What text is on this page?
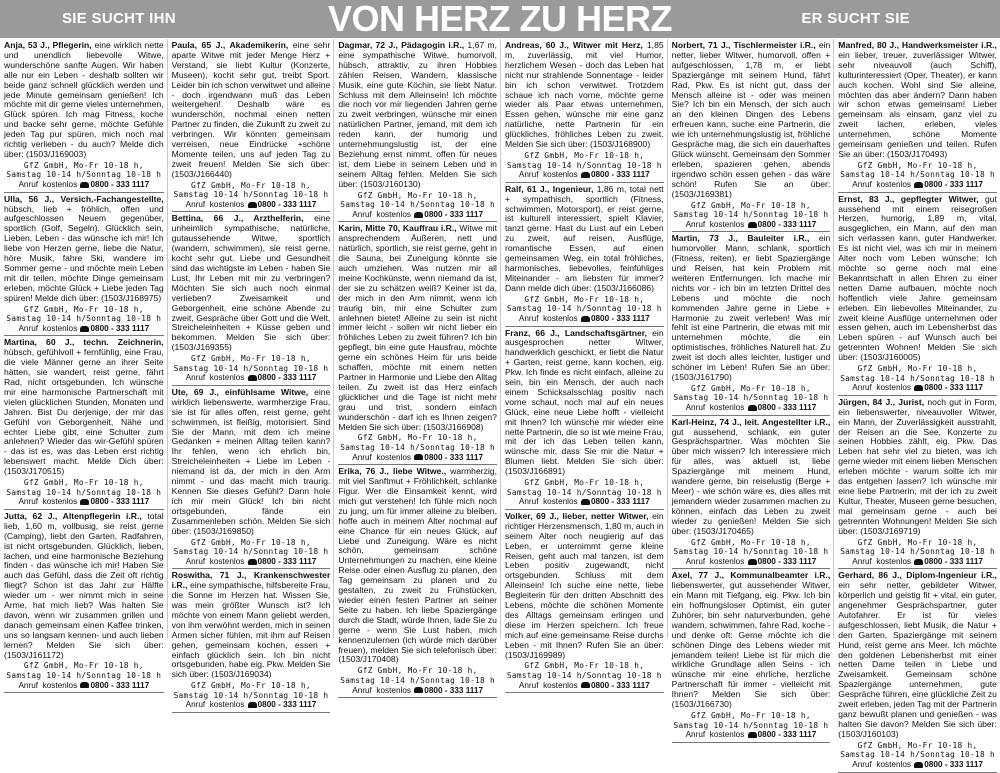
SIE SUCHT IHN	VON HERZ ZU HERZ	ER SUCHT SIE
Anja, 53 J., Pflegerin, eine wirklich nette und unendlich liebevolle Witwe, wunderschöne sanfte Augen. Wir haben alle nur ein Leben - deshalb sollten wir beide ganz schnell glücklich werden und jede Minute gemeinsam genießen! Ich möchte mit dir gerne vieles unternehmen, Glück spüren. Ich mag Fitness, koche und backe sehr gerne, möchte Gefühle jeden Tag pur spüren, mich noch mal richtig verlieben - du auch? Melde dich über: (1503/J169003)
GfZ GmbH, Mo-Fr 10-18 h,
Samstag 10-14 h/Sonntag 10-18 h
Anruf kostenlos 0800 - 333 1117
Ulla, 56 J., Versich.-Fachangestellte, hübsch, lieb + fröhlich, offen und aufgeschlossen Neuem gegenüber, sportlich (Golf, Segeln). Glücklich sein, Lieben, Leben - das wünsche ich mir! Ich liebe von Herzen gerne, liebe die Natur, höre Musik, fahre Ski, wandere im Sommer gerne - und möchte mein Leben mit dir teilen, möchte Dinge gemeinsam erleben, möchte Glück + Liebe jeden Tag spüren! Melde dich über: (1503/J168975)
GfZ GmbH, Mo-Fr 10-18 h,
Samstag 10-14 h/Sonntag 10-18 h
Anruf kostenlos 0800 - 333 1117
Martina, 60 J., techn. Zeichnerin, hübsch, gefühlvoll + fernfühlig, eine Frau, die viele Männer gerne an ihrer Seite hätten, sie wandert, reist gerne, fährt Rad, nicht ortsgebunden. Ich wünsche mir eine harmonische Partnerschaft mit vielen glücklichen Stunden, Monaten und Jahren. Bist Du derjenige, der mir das Gefühl von Geborgenheit, Nähe und echter Liebe gibt, eine Schulter zum anlehnen? Wieder das wir-Gefühl spüren - das ist es, was das Leben erst richtig lebenswert macht. Melde Dich über: (1503/J170515)
GfZ GmbH, Mo-Fr 10-18 h,
Samstag 10-14 h/Sonntag 10-18 h
Anruf kostenlos 0800 - 333 1117
Jutta, 62 J., Altenpflegerin i.R., total lieb, 1,60 m, vollbusig, sie reist gerne (Camping), liebt den Garten, Radfahren, ist nicht ortsgebunden. Glücklich, lieben, lachen, und eine harmonische Beziehung finden - das wünsche ich mir! Haben Sie auch das Gefühl, dass die Zeit oft richtig fliegt? Schon ist das Jahr zur Hälfte wieder um - wer nimmt mich in seine Arme, hat mich lieb? Was halten Sie davon, wenn wir zusammen grillen und danach gemeinsam einen Kaffee trinken, uns so langsam kennen- und auch lieben lernen? Melden Sie sich über: (1503/J161172)
GfZ GmbH, Mo-Fr 10-18 h,
Samstag 10-14 h/Sonntag 10-18 h
Anruf kostenlos 0800 - 333 1117
Paula, 65 J., Akademikerin, eine sehr aparte Witwe mit jeder Menge Herz + Verstand, sie liebt Kultur (Konzerte, Museen), kocht sehr gut, treibt Sport. Leider bin ich schon verwitwet und alleine - doch irgendwann muß das Leben weitergehen! Deshalb wäre es wunderschön, nochmal einen netten Partner zu finden, die Zukunft zu zweit zu verbringen. Wir könnten gemeinsam verreisen, neue Eindrücke +schöne Momente teilen, uns auf jeden Tag zu zweit freuen! Melden Sie sich über: (1503/J166440)
GfZ GmbH, Mo-Fr 10-18 h,
Samstag 10-14 h/Sonntag 10-18 h
Anruf kostenlos 0800 - 333 1117
Bettina, 66 J., Arzthelferin, eine unheimlich sympathische, natürliche, gutaussehende Witwe, sportlich (wandern, schwimmen), sie reist gerne, kocht sehr gut. Liebe und Gesundheit sind das wichtigste im Leben - haben Sie Lust, Ihr Leben mit mir zu verbringen? Möchten Sie sich auch noch einmal verlieben? Zweisamkeit und Geborgenheit, eine schöne Abende zu zweit, Gespräche über Gott und die Welt, Streicheleinheiten + Küsse geben und bekommen. Melden Sie sich über: (1503/J169355)
GfZ GmbH, Mo-Fr 10-18 h,
Samstag 10-14 h/Sonntag 10-18 h
Anruf kostenlos 0800 - 333 1117
Ute, 69 J., einfühlsame Witwe, eine wirklich liebenswerte, warmherzige Frau, sie ist für alles offen, reist gerne, geht schwimmen, ist fleißig, motorisiert. Sind Sie der Mann, mit dem ich meine Gedanken + meinen Alltag teilen kann? Ihr fehlen, wenn ich ehrlich bin, Streicheleinheiten + Liebe im Leben - niemand ist da, der mich in den Arm nimmt - und das macht mich traurig. Kennen Sie dieses Gefühl? Dann hole ich mir mein Glück! Ich bin nicht ortsgebunden, fände ein Zusammenleben schön. Melden Sie sich über: (1503/J169850)
GfZ GmbH, Mo-Fr 10-18 h,
Samstag 10-14 h/Sonntag 10-18 h
Anruf kostenlos 0800 - 333 1117
Roswitha, 71 J., Krankenschwester i.R., eine sympathische, hilfsbereite Frau, die Sonne im Herzen hat. Wissen Sie, was mein größter Wunsch ist? Ich möchte von einem Mann geliebt werden, von ihm verwöhnt werden, mich in seinen Armen sicher fühlen, mit ihm auf Reisen gehen, gemeinsam kochen, essen + einfach glücklich sein. Ich bin nicht ortsgebunden, habe eig. Pkw. Melden Sie sich über: (1503/J169034)
GfZ GmbH, Mo-Fr 10-18 h,
Samstag 10-14 h/Sonntag 10-18 h
Anruf kostenlos 0800 - 333 1117
Dagmar, 72 J., Pädagogin i.R., 1,67 m, eine sympathische Witwe, humorvoll, hübsch, attraktiv, zu ihren Hobbies zählen Reisen, Wandern, klassische Musik, eine gute Köchin, sie liebt Natur. Schluss mit dem Alleinsein! Ich möchte die noch vor mir liegenden Jahren gerne zu zweit verbringen, wünsche mir einen natürlichen Partner, jemand, mit dem ich reden kann, der humorig und unternehmungslustig ist, der eine Beziehung ernst nimmt, offen für neues ist, dem Liebe in seinem Leben und in seinem Alltag fehlen. Melden Sie sich über: (1503/J160130)
GfZ GmbH, Mo-Fr 10-18 h,
Samstag 10-14 h/Sonntag 10-18 h
Anruf kostenlos 0800 - 333 1117
Karin, Mitte 70, Kauffrau i.R., Witwe mit ansprechendem Äußeren, nett und natürlich, sportlich, sie reist gerne, geht in die Sauna, bei Zuneigung könnte sie auch umziehen. Was nutzen mir all meine Kochkünste, wenn niemand da ist, der sie zu schätzen weiß? Keiner ist da, der mich in den Arm nimmt, wenn ich traurig bin, mir eine Schulter zum anlehnen bietet! Alleine zu sein ist nicht immer leicht - sollen wir nicht lieber ein fröhliches Leben zu zweit führen? Ich bin gepflegt, bin eine gute Hausfrau, möchte gerne ein schönes Heim für uns beide schaffen, möchte mit einem netten Partner in Harmonie und Liebe den Alltag teilen. Zu zweit ist das Herz einfach glücklicher und die Tage ist nicht mehr grau und trist, sondern einfach wunderschön - darf ich es Ihnen zeigen? Melden Sie sich über: (1503/J166908)
GfZ GmbH, Mo-Fr 10-18 h,
Samstag 10-14 h/Sonntag 10-18 h
Anruf kostenlos 0800 - 333 1117
Erika, 76 J., liebe Witwe., warmherzig, mit viel Sanftmut + Fröhlichkeit, schlanke Figur. Wer die Einsamkeit kennt, wird mich gut verstehen! Ich fühle mich noch zu jung, um für immer alleine zu bleiben, hoffe auch in meinem Alter nochmal auf eine Chance für ein neues Glück, auf Liebe und Zuneigung. Wäre es nicht schön, gemeinsam schöne Unternehmungen zu machen, eine kleine Reise oder einen Ausflug zu planen, den Tag gemeinsam zu planen und zu gestalten, zu zweit zu Frühstücken, wieder einen festen Partner an seiner Seite zu haben. Ich liebe Spaziergänge durch die Stadt, würde Ihnen, lade Sie zu gerne - wenn Sie Lust haben, mich kennenzulernen (ich würde mich darüber freuen), melden Sie sich telefonisch über: (1503/J170408)
GfZ GmbH, Mo-Fr 10-18 h,
Samstag 10-14 h/Sonntag 10-18 h
Anruf kostenlos 0800 - 333 1117
Andreas, 60 J., Witwer mit Herz, 1,85 m, zuverlässig, mit viel Humor, herzlichem Wesen - doch das Leben hat nicht nur strahlende Sonnentage - leider bin ich schon verwitwet. Trotzdem schaue ich nach vorne, möchte gerne wieder als Paar etwas unternehmen, Essen gehen, wünsche mir eine ganz natürliche, nette Partnerin für ein glückliches, fröhliches Leben zu zweit. Melden Sie sich über: (1503/J168900)
GfZ GmbH, Mo-Fr 10-18 h,
Samstag 10-14 h/Sonntag 10-18 h
Anruf kostenlos 0800 - 333 1117
Ralf, 61 J., Ingenieur, 1,86 m, total nett + sympathisch, sportlich (Fitness, schwimmen, Motorsport), er reist gerne, ist kulturell interessiert, spielt Klavier, tanzt gerne. Hast du Lust auf ein Leben zu zweit, auf reisen, Ausflüge, romantische Essen, auf einen gemeinsamen Weg, ein total fröhliches, harmonisches, liebevolles, feinfühliges Miteinander - am liebsten für immer? Dann melde dich über: (1503/J166086)
GfZ GmbH, Mo-Fr 10-18 h,
Samstag 10-14 h/Sonntag 10-18 h
Anruf kostenlos 0800 - 333 1117
Franz, 66 J., Landschaftsgärtner, ein ausgesprochen netter Witwer, handwerklich geschickt, er liebt die Natur + Garten, reist gerne, kann kochen, eig. Pkw. Ich finde es nicht einfach, alleine zu sein, bin ein Mensch, der auch nach einem Schicksalsschlag positiv nach vorne schaut, noch mal auf ein neues Glück, eine neue Liebe hofft - vielleicht mit Ihnen? Ich wünsche mir wieder eine nette Partnerin, die so ist wie meine Frau, mit der ich das Leben teilen kann, wünsche mir, dass Sie mir die Natur + Blumen liebt. Melden Sie sich über: (1503/J166891)
GfZ GmbH, Mo-Fr 10-18 h,
Samstag 10-14 h/Sonntag 10-18 h
Anruf kostenlos 0800 - 333 1117
Volker, 69 J., lieber, netter Witwer, ein richtiger Herzensmensch, 1,80 m, auch in seinem Alter noch neugierig auf das Leben, er unternimmt gerne kleine Reisen, geht auch mal tanzen, ist dem Leben positiv zugewandt, nicht ortsgebunden. Schluss mit dem Alleinsein! Ich suche eine nette, liebe Begleiterin für den dritten Abschnitt des Lebens, möchte die schönen Momente des Alltags gemeinsam erlingen und diese im Herzen speichern. Ich freue mich auf eine gemeinsame Reise durchs Leben - mit Ihnen? Rufen Sie an über: (1503/J169989)
GfZ GmbH, Mo-Fr 10-18 h,
Samstag 10-14 h/Sonntag 10-18 h
Anruf kostenlos 0800 - 333 1117
Norbert, 71 J., Tischlermeister i.R., ein netter, lieber Witwer, humorvoll, offen + aufgeschlossen, 1,78 m, er liebt Spaziergänge mit seinem Hund, fährt Rad, Pkw. Es ist nicht gut, dass der Mensch alleine ist - oder was meinen Sie? Ich bin ein Mensch, der sich auch an den kleinen Dingen des Lebens erfreuen kann, suche eine Partnerin, die wie ich unternehmungslustig ist, fröhliche Gespräche mag, die sich ein dauerhaftes Glück wünscht. Gemeinsam den Sommer erleben, spazieren gehen, abends irgendwo schön essen gehen - das wäre schön! Rufen Sie an über: (1503/J169381)
GfZ GmbH, Mo-Fr 10-18 h,
Samstag 10-14 h/Sonntag 10-18 h
Anruf kostenlos 0800 - 333 1117
Martin, 73 J., Bauleiter i.R., ein humorvoller Mann, schlank, sportlich (Fitness, reiten), er liebt Spaziergänge und Reisen, hat kein Problem mit weiteren Entfernungen. Ich mache mir nichts vor - ich bin im letzten Drittel des Lebens und möchte die noch kommenden Jahre gerne in Liebe + Harmonie zu zweit verleben! Was mir fehlt ist eine Partnerin, die etwas mit mir unternehmen möchte, die ein optimistisches, fröhliches Naturell hat. Zu zweit ist doch alles leichter, lustiger und schöner im Leben! Rufen Sie an über: (1503/J161790)
GfZ GmbH, Mo-Fr 10-18 h,
Samstag 10-14 h/Sonntag 10-18 h
Anruf kostenlos 0800 - 333 1117
Karl-Heinz, 74 J., leit. Angestellter i.R., gut aussehend, schlank, ein guter Gesprächspartner. Was möchten Sie über mich wissen? Ich interessiere mich für alles, was aktuell ist, liebe Spaziergänge mit meinem Hund, wandere gerne, bin reiselustig (Berge + Meer) - wie schön wäre es, dies alles mit jemandem wieder zusammen machen zu können, einfach das Leben zu zweit wieder zu genießen! Melden Sie sich über: (1503/J170465)
GfZ GmbH, Mo-Fr 10-18 h,
Samstag 10-14 h/Sonntag 10-18 h
Anruf kostenlos 0800 - 333 1117
Axel, 77 J., Kommunalbeamter i.R., liebenswerter, gut aussehender Witwer, ein Mann mit Tiefgang, eig. Pkw. Ich bin ein hoffnungsloser Optimist, ein guter Zuhörer, bin sehr naturverbunden, gehe wandern, schwimmen, fahre Rad, koche - und denke oft: Gerne möchte ich die schönen Dinge des Lebens wieder mit jemandem teilen! Liebe ist für mich die wirkliche Grundlage allen Seins - ich wünsche mir eine ehrliche, herzliche Partnerschaft für immer - vielleicht mit Ihnen? Melden Sie sich über: (1503/J166730)
GfZ GmbH, Mo-Fr 10-18 h,
Samstag 10-14 h/Sonntag 10-18 h
Anruf kostenlos 0800 - 333 1117
Manfred, 80 J., Handwerksmeister i.R., ein lieber, treuer, zuverlässiger Witwer, sehr niveauvoll (auch Schiff), kulturinteressiert (Oper, Theater), er kann auch kochen. Wohl sind Sie alleine, möchten das aber ändern? Dann haben wir schon etwas gemeinsam! Lieber gemeinsam als einsam, ganz viel zu zweit lachen, erleben, vieles unternehmen, schöne Momente gemeinsam genießen und teilen. Rufen Sie an über: (1503/J170493)
GfZ GmbH, Mo-Fr 10-18 h,
Samstag 10-14 h/Sonntag 10-18 h
Anruf kostenlos 0800 - 333 1117
Ernst, 83 J., gepflegter Witwer, gut aussehend mit einem reisegroßen Herzen, humorig, 1,89 m, vital, ausgeglichen, ein Mann, auf den man sich verlassen kann, guter Handwerker. Es ist nicht viel, was ich mir in meinem Alter noch vom Leben wünsche: Ich möchte so gerne noch mal eine Bekanntschaft in allen Ehren zu einer netten Dame aufbauen, möchte noch hoffentlich viele Jahre gemeinsam erleben. Ein liebevolles Miteinander, zu zweit kleine Ausflüge unternehmen oder essen gehen, auch im Lebensherbst das Leben spüren - auf Wunsch auch bei getrennten Wohnen! Melden Sie sich über: (1503/J160005)
GfZ GmbH, Mo-Fr 10-18 h,
Samstag 10-14 h/Sonntag 10-18 h
Anruf kostenlos 0800 - 333 1117
Jürgen, 84 J., Jurist, noch gut in Form, ein liebenswerter, niveauvoller Witwer, ein Mann, der Zuverlässigkeit ausstrahlt, der Reisen an die See, Konzerte zu seinen Hobbies zählt, eig. Pkw. Das Leben hat sehr viel zu bieten, was ich gerne wieder mit einem lieben Menschen erleben möchte - warum sollte ich mir das entgehen lassen? Ich wünsche mir eine liebe Partnerin, mit der ich zu zweit Kultur, Theater, Museen gerne besuchen, mal gemeinsam gerne - auch bei getrennten Wohnungen! Melden Sie sich über: (1503/J169719)
GfZ GmbH, Mo-Fr 10-18 h,
Samstag 10-14 h/Sonntag 10-18 h
Anruf kostenlos 0800 - 333 1117
Gerhard, 86 J., Diplom-Ingenieur i.R., ein sehr netter, gebildeter Witwer, körperlich und geistig fit + vital, ein guter, angenehmer Gesprächspartner, guter Autofahrer. Er ist für vieles aufgeschlossen, liebt Musik, die Natur + den Garten, Spaziergänge mit seinem Hund, reist gerne ans Meer. Ich möchte den goldenen Lebensherbst mit einer netten Dame teilen in Liebe und Zweisamkeit. Gemeinsam schöne Spaziergänge unternehmen, gute Gespräche führen, eine glückliche Zeit zu zweit erleben, jeden Tag mit der Partnerin ganz bewußt planen und genießen - was halten Sie davon? Melden Sie sich über: (1503/J160103)
GfZ GmbH, Mo-Fr 10-18 h,
Samstag 10-14 h/Sonntag 10-18 h
Anruf kostenlos 0800 - 333 1117
